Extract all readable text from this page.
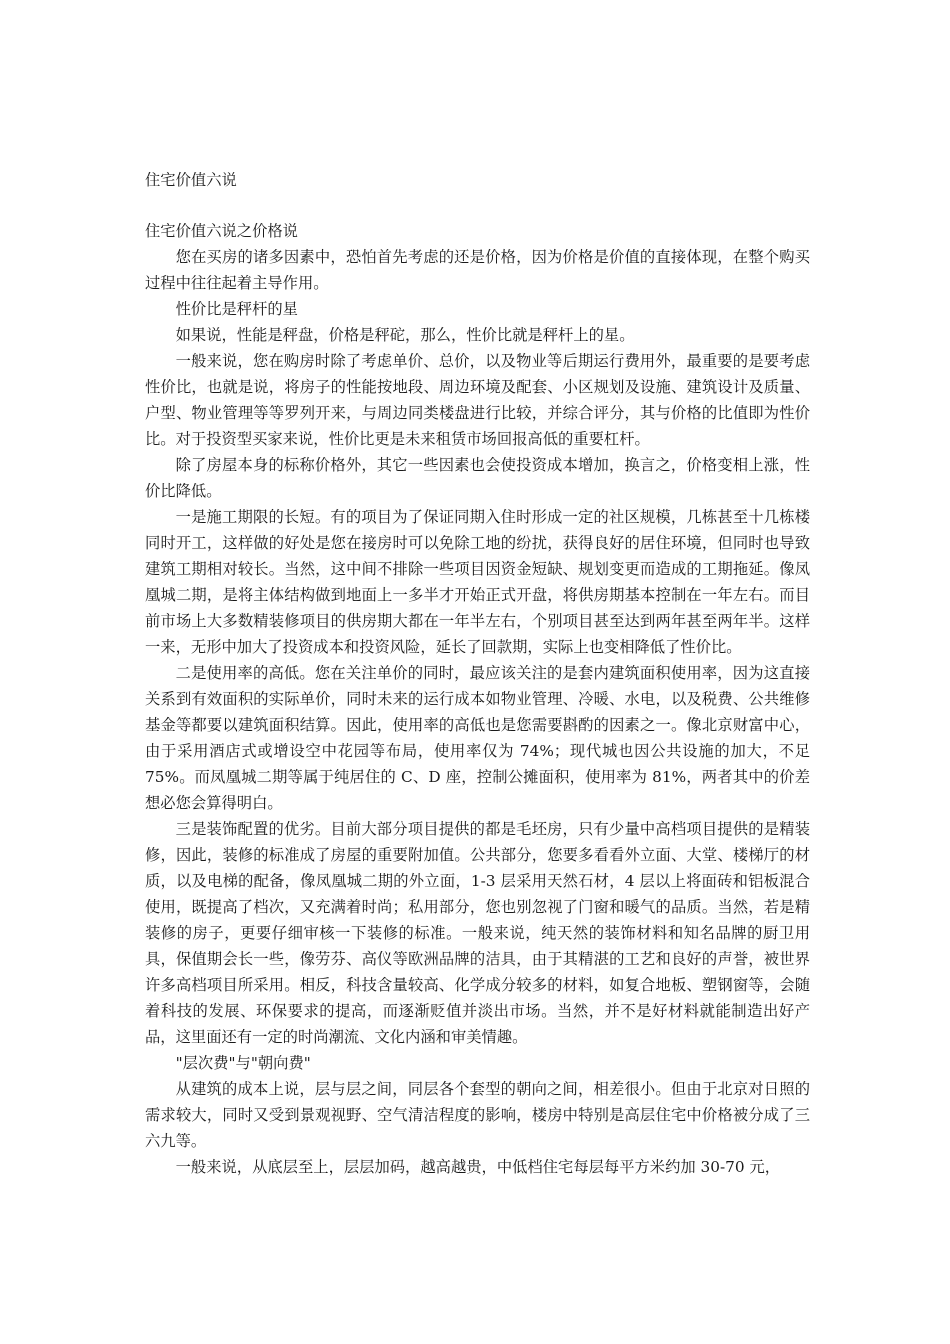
住宅价值六说
住宅价值六说之价格说

您在买房的诸多因素中，恐怕首先考虑的还是价格，因为价格是价值的直接体现，在整个购买过程中往往起着主导作用。

性价比是秤杆的星

如果说，性能是秤盘，价格是秤砣，那么，性价比就是秤杆上的星。

一般来说，您在购房时除了考虑单价、总价，以及物业等后期运行费用外，最重要的是要考虑性价比，也就是说，将房子的性能按地段、周边环境及配套、小区规划及设施、建筑设计及质量、户型、物业管理等等罗列开来，与周边同类楼盘进行比较，并综合评分，其与价格的比值即为性价比。对于投资型买家来说，性价比更是未来租赁市场回报高低的重要杠杆。

除了房屋本身的标称价格外，其它一些因素也会使投资成本增加，换言之，价格变相上涨，性价比降低。

一是施工期限的长短。有的项目为了保证同期入住时形成一定的社区规模，几栋甚至十几栋楼同时开工，这样做的好处是您在接房时可以免除工地的纷扰，获得良好的居住环境，但同时也导致建筑工期相对较长。当然，这中间不排除一些项目因资金短缺、规划变更而造成的工期拖延。像凤凰城二期，是将主体结构做到地面上一多半才开始正式开盘，将供房期基本控制在一年左右。而目前市场上大多数精装修项目的供房期大都在一年半左右，个别项目甚至达到两年甚至两年半。这样一来，无形中加大了投资成本和投资风险，延长了回款期，实际上也变相降低了性价比。

二是使用率的高低。您在关注单价的同时，最应该关注的是套内建筑面积使用率，因为这直接关系到有效面积的实际单价，同时未来的运行成本如物业管理、冷暖、水电，以及税费、公共维修基金等都要以建筑面积结算。因此，使用率的高低也是您需要斟酌的因素之一。像北京财富中心，由于采用酒店式或增设空中花园等布局，使用率仅为 74%；现代城也因公共设施的加大，不足 75%。而凤凰城二期等属于纯居住的 C、D 座，控制公摊面积，使用率为 81%，两者其中的价差想必您会算得明白。

三是装饰配置的优劣。目前大部分项目提供的都是毛坯房，只有少量中高档项目提供的是精装修，因此，装修的标准成了房屋的重要附加值。公共部分，您要多看看外立面、大堂、楼梯厅的材质，以及电梯的配备，像凤凰城二期的外立面，1-3 层采用天然石材，4 层以上将面砖和铝板混合使用，既提高了档次，又充满着时尚；私用部分，您也别忽视了门窗和暖气的品质。当然，若是精装修的房子，更要仔细审核一下装修的标准。一般来说，纯天然的装饰材料和知名品牌的厨卫用具，保值期会长一些，像劳芬、高仪等欧洲品牌的洁具，由于其精湛的工艺和良好的声誉，被世界许多高档项目所采用。相反，科技含量较高、化学成分较多的材料，如复合地板、塑钢窗等，会随着科技的发展、环保要求的提高，而逐渐贬值并淡出市场。当然，并不是好材料就能制造出好产品，这里面还有一定的时尚潮流、文化内涵和审美情趣。

"层次费"与"朝向费"

从建筑的成本上说，层与层之间，同层各个套型的朝向之间，相差很小。但由于北京对日照的需求较大，同时又受到景观视野、空气清洁程度的影响，楼房中特别是高层住宅中价格被分成了三六九等。

一般来说，从底层至上，层层加码，越高越贵，中低档住宅每层每平方米约加 30-70 元，
